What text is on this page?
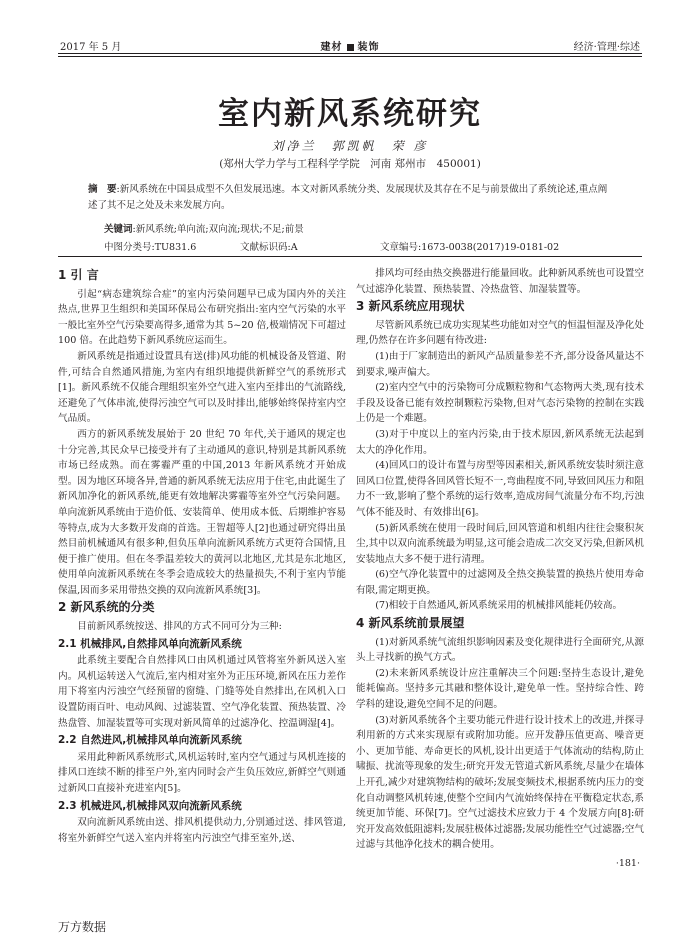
2017 年 5 月	建材 装饰	经济·管理·综述
室内新风系统研究
刘净兰　郭凯帆　荣 彦
(郑州大学力学与工程科学学院　河南 郑州市　450001)
摘　要:新风系统在中国县成型不久但发展迅速。本文对新风系统分类、发展现状及其存在不足与前景做出了系统论述,重点阐述了其不足之处及未来发展方向。
关键词:新风系统;单向流;双向流;现状;不足;前景
中图分类号:TU831.6	文献标识码:A	文章编号:1673-0038(2017)19-0181-02
1 引 言

引起“病态建筑综合症”的室内污染问题早已成为国内外的关注热点,世界卫生组织和美国环保局公布研究指出:室内空气污染的水平一般比室外空气污染要高得多,通常为其 5~20 倍,极端情况下可超过 100 倍。在此趋势下新风系统应运而生。

新风系统是指通过设置具有送(排)风功能的机械设备及管道、附件,可结合自然通风措施,为室内有组织地提供新鲜空气的系统形式[1]。新风系统不仅能合理组织室外空气进入室内至排出的气流路线,还避免了气体串流,使得污浊空气可以及时排出,能够始终保持室内空气品质。

西方的新风系统发展始于 20 世纪 70 年代,关于通风的规定也十分完善,其民众早已接受并有了主动通风的意识,特别是其新风系统市场已经成熟。而在雾霾严重的中国,2013 年新风系统才开始成型。因为地区环境各异,普通的新风系统无法应用于住宅,由此诞生了新风加净化的新风系统,能更有效地解决雾霾等室外空气污染问题。单向流新风系统由于造价低、安装简单、使用成本低、后期维护容易等特点,成为大多数开发商的首选。王智超等人[2]也通过研究得出虽然目前机械通风有很多种,但负压单向流新风系统方式更符合国情,且便于推广使用。但在冬季温差较大的黄河以北地区,尤其是东北地区,使用单向流新风系统在冬季会造成较大的热量损失,不利于室内节能保温,因而多采用带热交换的双向流新风系统[3]。

2 新风系统的分类

目前新风系统按送、排风的方式不同可分为三种:

2.1 机械排风,自然排风单向流新风系统

此系统主要配合自然排风口由风机通过风管将室外新风送入室内。风机运转送入气流后,室内相对室外为正压环境,新风在压力差作用下将室内污浊空气经预留的窗缝、门缝等处自然排出,在风机入口设置防雨百叶、电动风阀、过滤装置、空气净化装置、预热装置、冷热盘管、加湿装置等可实现对新风简单的过滤净化、控温调湿[4]。

2.2 自然进风,机械排风单向流新风系统

采用此种新风系统形式,风机运转时,室内空气通过与风机连接的排风口连续不断的排至户外,室内同时会产生负压效应,新鲜空气则通过新风口直接补充进室内[5]。

2.3 机械进风,机械排风双向流新风系统

双向流新风系统由送、排风机提供动力,分别通过送、排风管道,将室外新鲜空气送入室内并将室内污浊空气排至室外,送、

排风均可经由热交换器进行能量回收。此种新风系统也可设置空气过滤净化装置、预热装置、冷热盘管、加湿装置等。

3 新风系统应用现状

尽管新风系统已成功实现某些功能如对空气的恒温恒湿及净化处理,仍然存在许多问题有待改进:

(1)由于厂家制造出的新风产品质量参差不齐,部分设备风量达不到要求,噪声偏大。

(2)室内空气中的污染物可分成颗粒物和气态物两大类,现有技术手段及设备已能有效控制颗粒污染物,但对气态污染物的控制在实践上仍是一个难题。

(3)对于中度以上的室内污染,由于技术原因,新风系统无法起到太大的净化作用。

(4)回风口的设计布置与房型等因素相关,新风系统安装时须注意回风口位置,使得各回风管长短不一,弯曲程度不同,导致回风压力和阻力不一致,影响了整个系统的运行效率,造成房间气流量分布不均,污浊气体不能及时、有效排出[6]。

(5)新风系统在使用一段时间后,回风管道和机组内往往会聚积灰尘,其中以双向流系统最为明显,这可能会造成二次交叉污染,但新风机安装地点大多不便于进行清理。

(6)空气净化装置中的过滤网及全热交换装置的换热片使用寿命有限,需定期更换。

(7)相较于自然通风,新风系统采用的机械排风能耗仍较高。

4 新风系统前景展望

(1)对新风系统气流组织影响因素及变化规律进行全面研究,从源头上寻找新的换气方式。

(2)未来新风系统设计应注重解决三个问题:坚持生态设计,避免能耗偏高。坚持多元其融和整体设计,避免单一性。坚持综合性、跨学科的建设,避免空间不足的问题。

(3)对新风系统各个主要功能元件进行设计技术上的改进,并探寻利用新的方式来实现原有或附加功能。应开发静压值更高、噪音更小、更加节能、寿命更长的风机,设计出更适于气体流动的结构,防止啸振、扰流等现象的发生;研究开发无管道式新风系统,尽量少在墙体上开孔,减少对建筑物结构的破坏;发展变频技术,根据系统内压力的变化自动调整风机转速,使整个空间内气流始终保持在平衡稳定状态,系统更加节能、环保[7]。空气过滤技术应致力于 4 个发展方向[8]:研究开发高效低阻滤料;发展驻极体过滤器;发展功能性空气过滤器;空气过滤与其他净化技术的耦合使用。

·181·
万方数据
